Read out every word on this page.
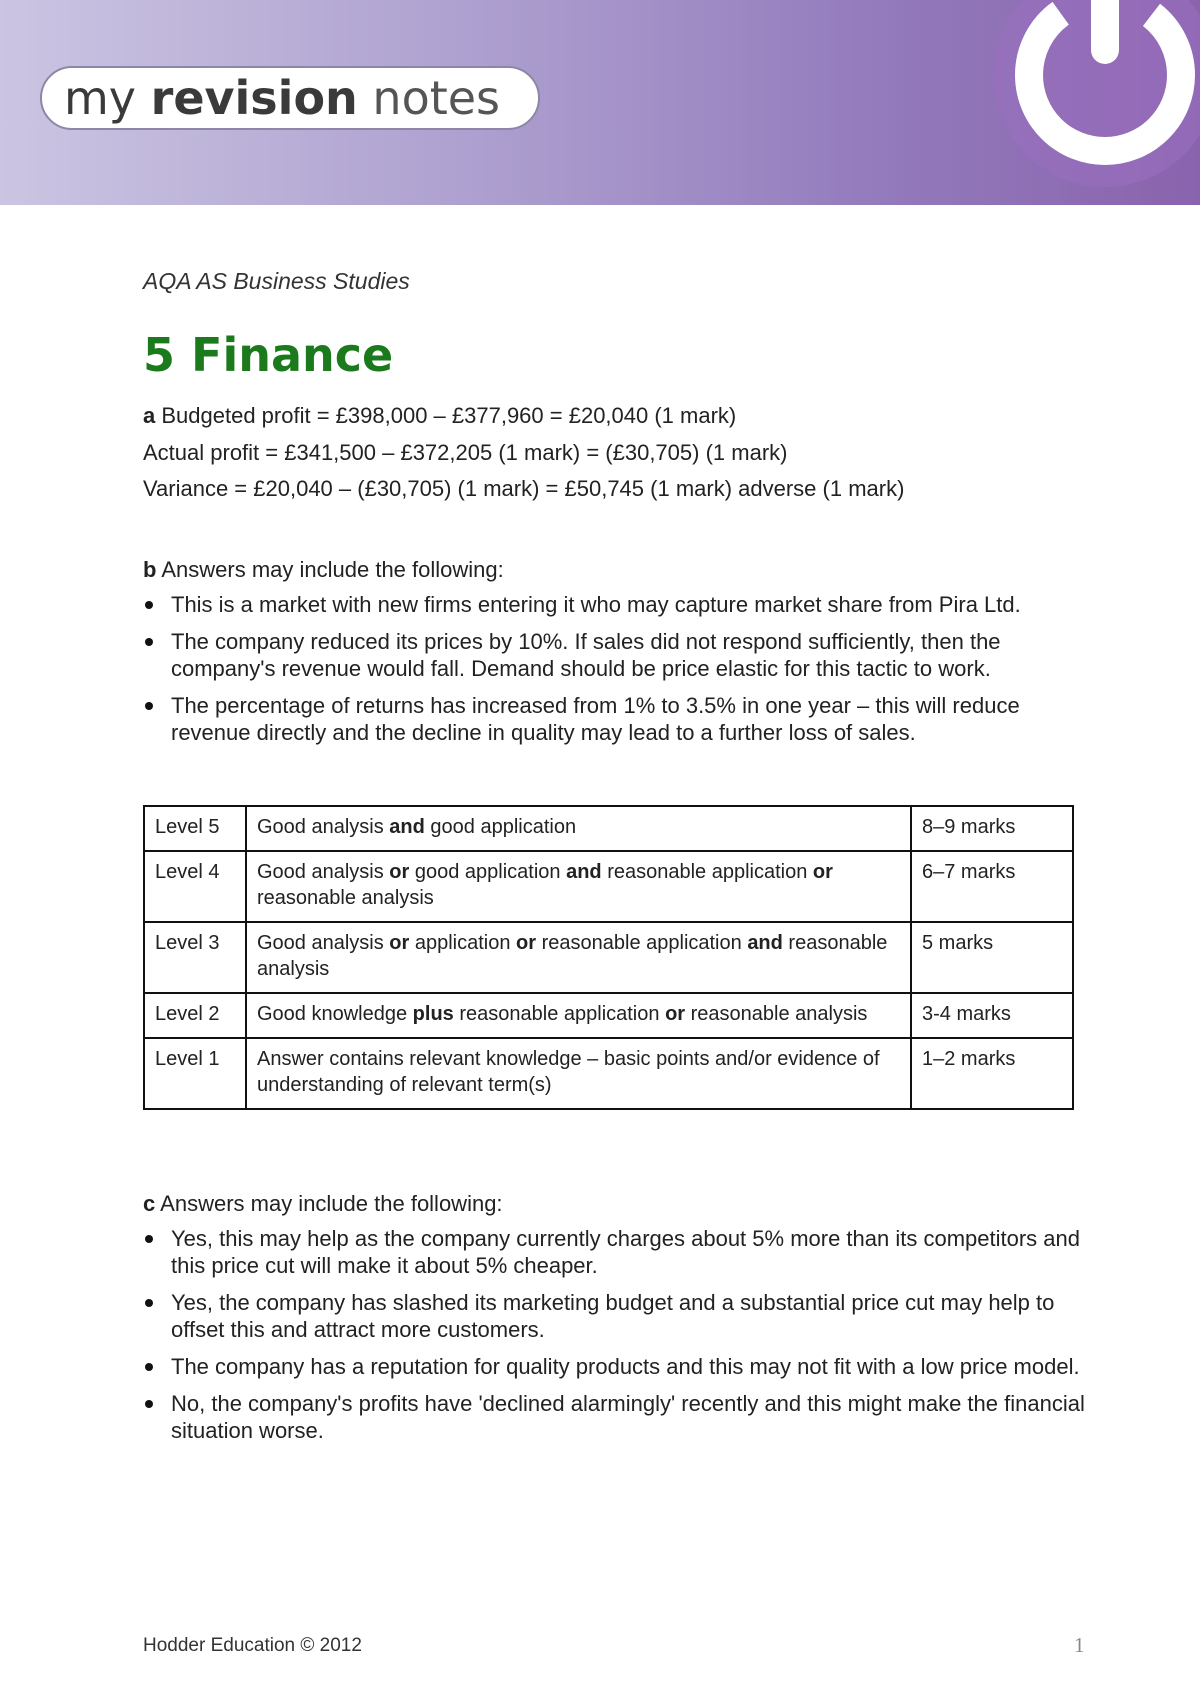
my revision notes
AQA AS Business Studies
5 Finance
a Budgeted profit = £398,000 – £377,960 = £20,040 (1 mark)
Actual profit = £341,500 – £372,205 (1 mark) = (£30,705) (1 mark)
Variance = £20,040 – (£30,705) (1 mark) = £50,745 (1 mark) adverse (1 mark)
b Answers may include the following:
This is a market with new firms entering it who may capture market share from Pira Ltd.
The company reduced its prices by 10%. If sales did not respond sufficiently, then the company's revenue would fall. Demand should be price elastic for this tactic to work.
The percentage of returns has increased from 1% to 3.5% in one year – this will reduce revenue directly and the decline in quality may lead to a further loss of sales.
Level 5	Good analysis and good application	8–9 marks
Level 4	Good analysis or good application and reasonable application or reasonable analysis	6–7 marks
Level 3	Good analysis or application or reasonable application and reasonable analysis	5 marks
Level 2	Good knowledge plus reasonable application or reasonable analysis	3-4 marks
Level 1	Answer contains relevant knowledge – basic points and/or evidence of understanding of relevant term(s)	1–2 marks
c Answers may include the following:
Yes, this may help as the company currently charges about 5% more than its competitors and this price cut will make it about 5% cheaper.
Yes, the company has slashed its marketing budget and a substantial price cut may help to offset this and attract more customers.
The company has a reputation for quality products and this may not fit with a low price model.
No, the company's profits have 'declined alarmingly' recently and this might make the financial situation worse.
Hodder Education © 2012	1
